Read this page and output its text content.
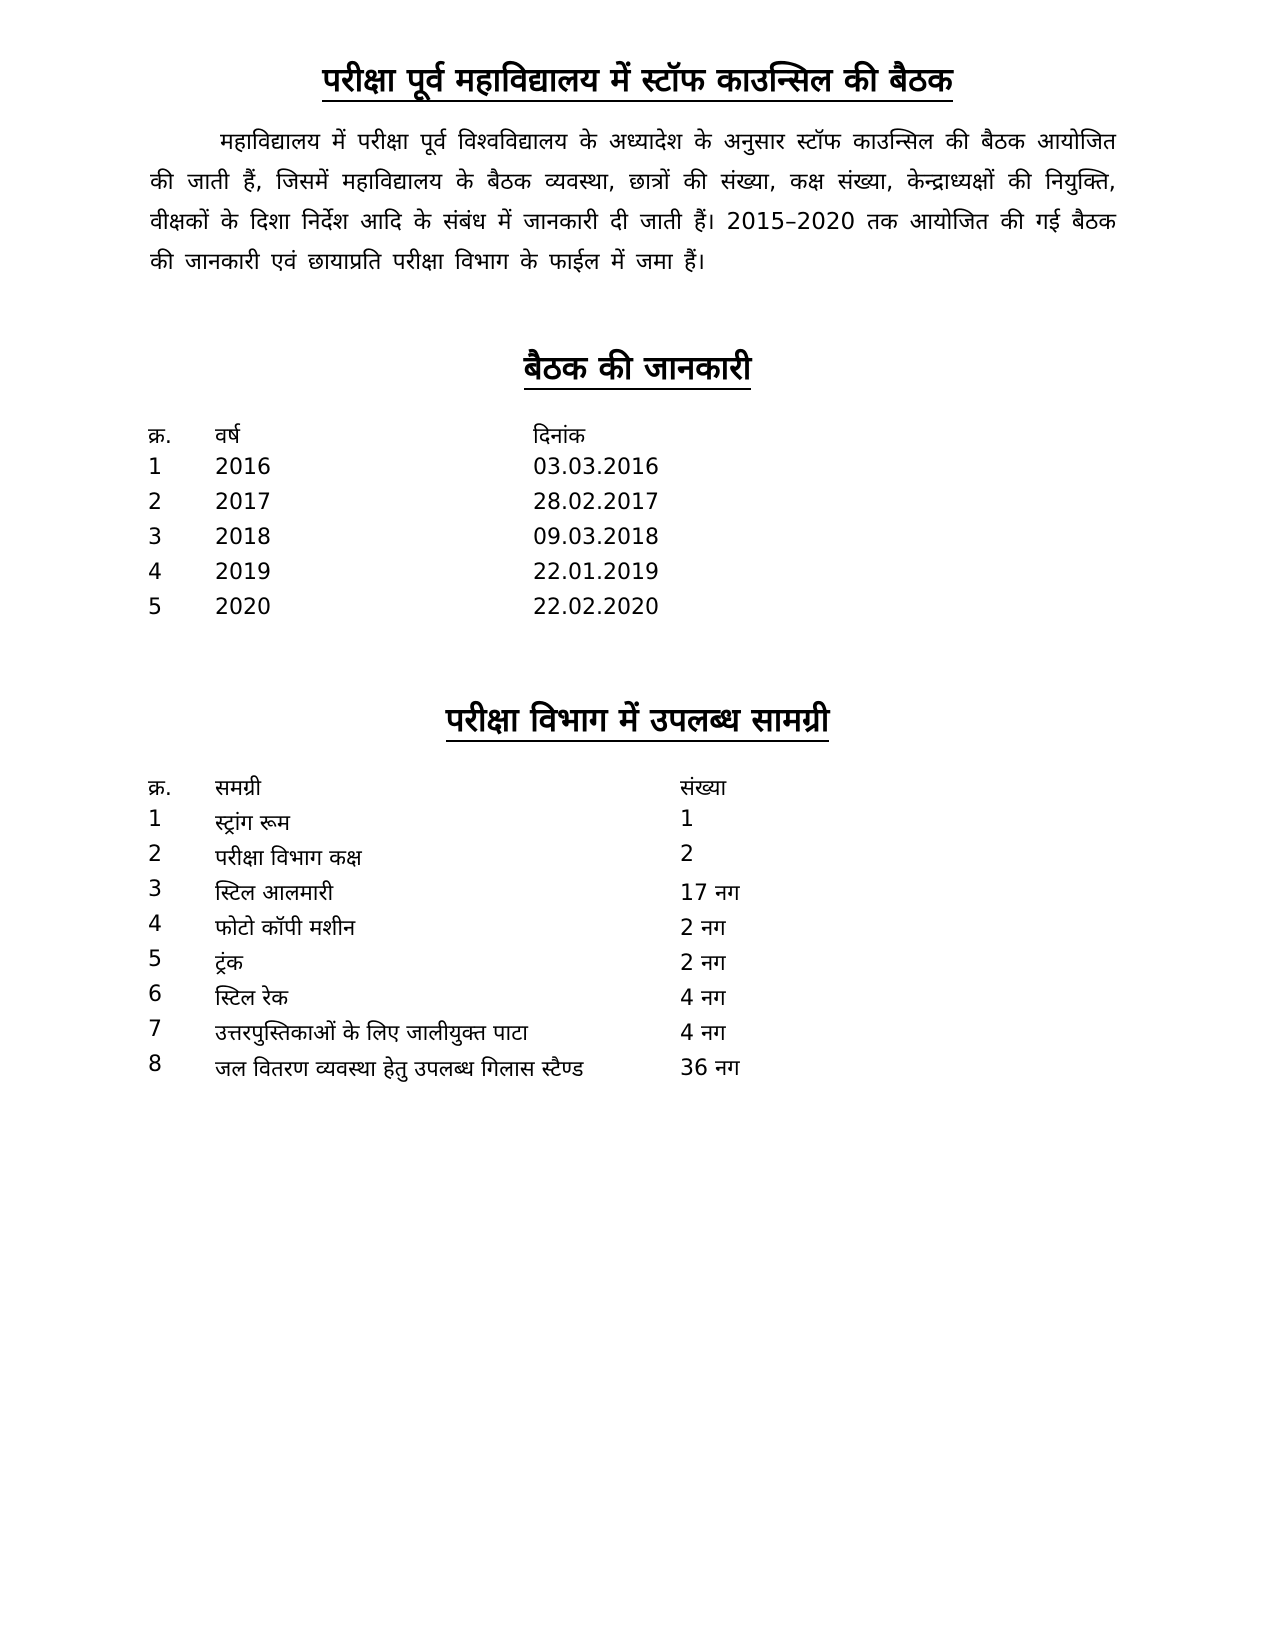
परीक्षा पूर्व महाविद्यालय में स्टॉफ काउन्सिल की बैठक

महाविद्यालय में परीक्षा पूर्व विश्वविद्यालय के अध्यादेश के अनुसार स्टॉफ काउन्सिल की बैठक आयोजित की जाती हैं, जिसमें महाविद्यालय के बैठक व्यवस्था, छात्रों की संख्या, कक्ष संख्या, केन्द्राध्यक्षों की नियुक्ति, वीक्षकों के दिशा निर्देश आदि के संबंध में जानकारी दी जाती हैं। 2015–2020 तक आयोजित की गई बैठक की जानकारी एवं छायाप्रति परीक्षा विभाग के फाईल में जमा हैं।

बैठक की जानकारी
क्र.	वर्ष	दिनांक
1	2016	03.03.2016
2	2017	28.02.2017
3	2018	09.03.2018
4	2019	22.01.2019
5	2020	22.02.2020
परीक्षा विभाग में उपलब्ध सामग्री
क्र.	समग्री	संख्या
1	स्ट्रांग रूम	1
2	परीक्षा विभाग कक्ष	2
3	स्टिल आलमारी	17 नग
4	फोटो कॉपी मशीन	2 नग
5	ट्रंक	2 नग
6	स्टिल रेक	4 नग
7	उत्तरपुस्तिकाओं के लिए जालीयुक्त पाटा	4 नग
8	जल वितरण व्यवस्था हेतु उपलब्ध गिलास स्टैण्ड	36 नग
